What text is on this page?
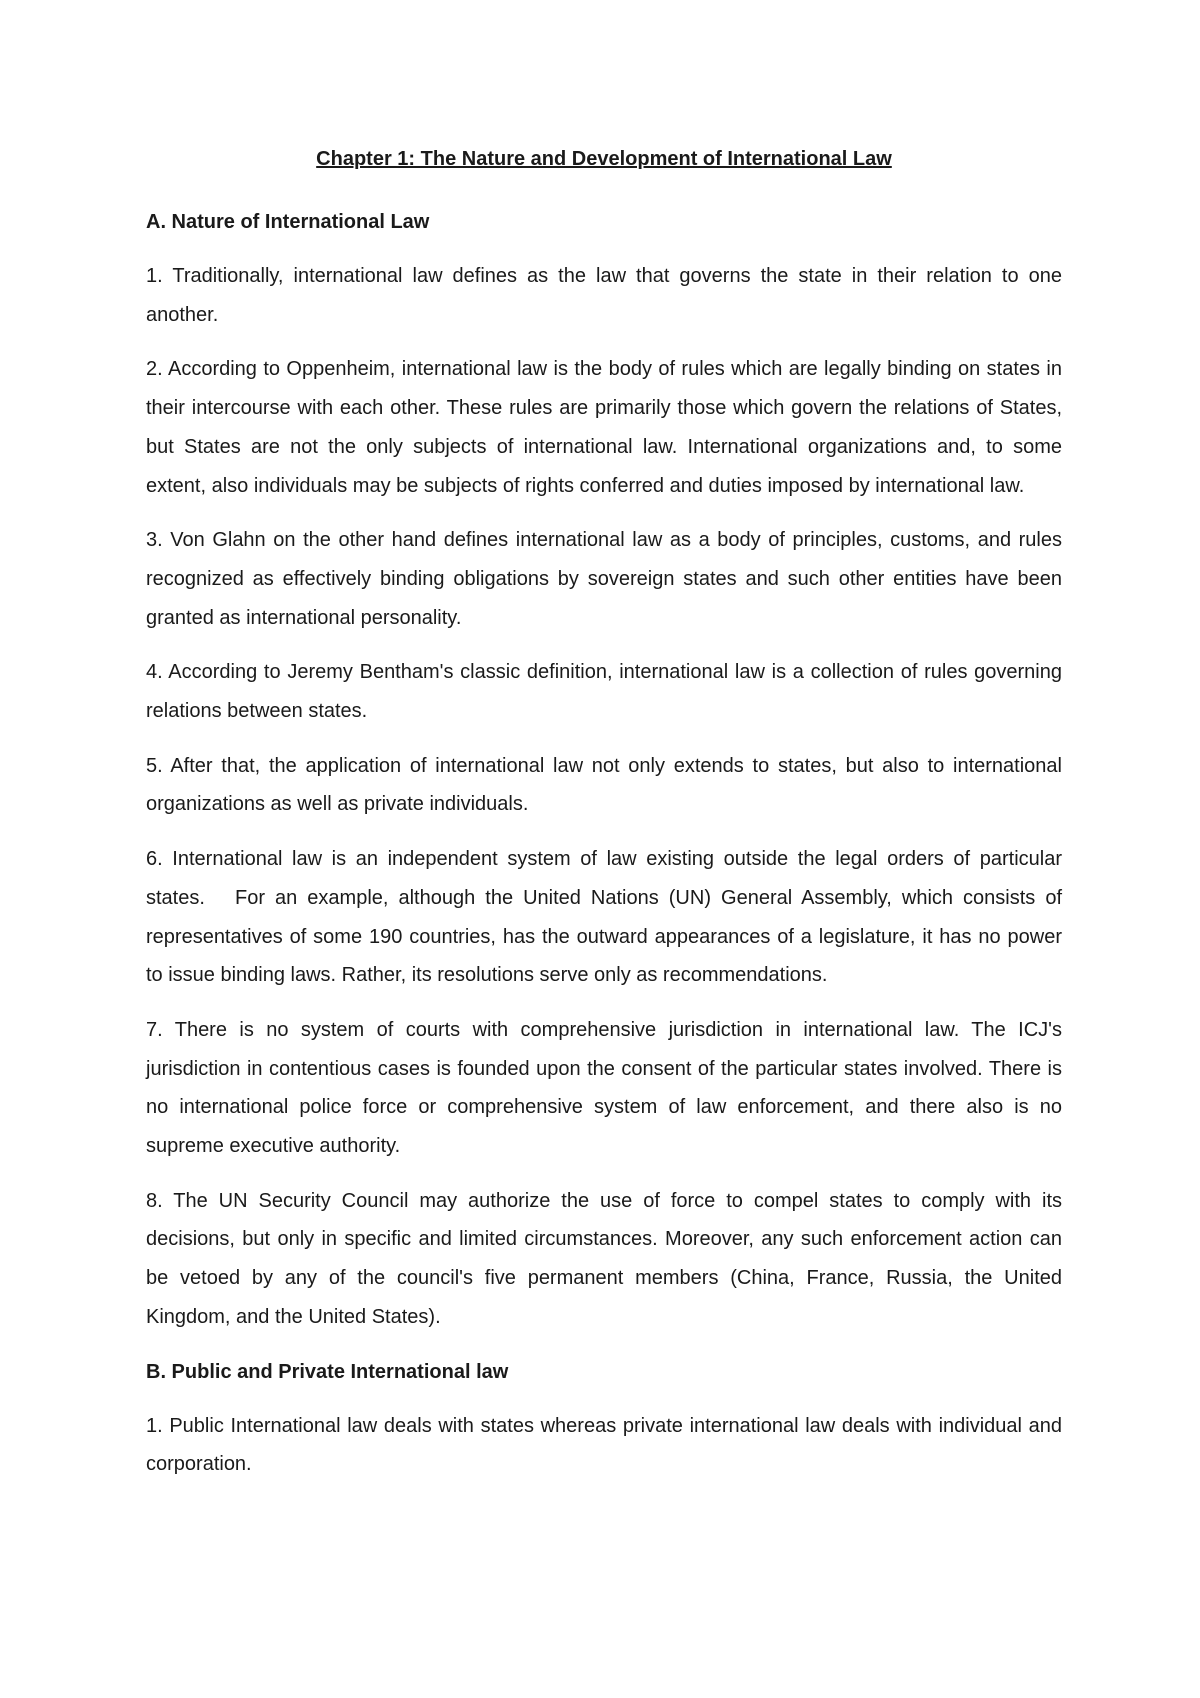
Chapter 1: The Nature and Development of International Law

A. Nature of International Law

1. Traditionally, international law defines as the law that governs the state in their relation to one another.

2. According to Oppenheim, international law is the body of rules which are legally binding on states in their intercourse with each other. These rules are primarily those which govern the relations of States, but States are not the only subjects of international law. International organizations and, to some extent, also individuals may be subjects of rights conferred and duties imposed by international law.

3. Von Glahn on the other hand defines international law as a body of principles, customs, and rules recognized as effectively binding obligations by sovereign states and such other entities have been granted as international personality.

4. According to Jeremy Bentham's classic definition, international law is a collection of rules governing relations between states.

5. After that, the application of international law not only extends to states, but also to international organizations as well as private individuals.

6. International law is an independent system of law existing outside the legal orders of particular states.   For an example, although the United Nations (UN) General Assembly, which consists of representatives of some 190 countries, has the outward appearances of a legislature, it has no power to issue binding laws. Rather, its resolutions serve only as recommendations.

7. There is no system of courts with comprehensive jurisdiction in international law. The ICJ's jurisdiction in contentious cases is founded upon the consent of the particular states involved. There is no international police force or comprehensive system of law enforcement, and there also is no supreme executive authority.

8. The UN Security Council may authorize the use of force to compel states to comply with its decisions, but only in specific and limited circumstances. Moreover, any such enforcement action can be vetoed by any of the council's five permanent members (China, France, Russia, the United Kingdom, and the United States).

B. Public and Private International law

1. Public International law deals with states whereas private international law deals with individual and corporation.
